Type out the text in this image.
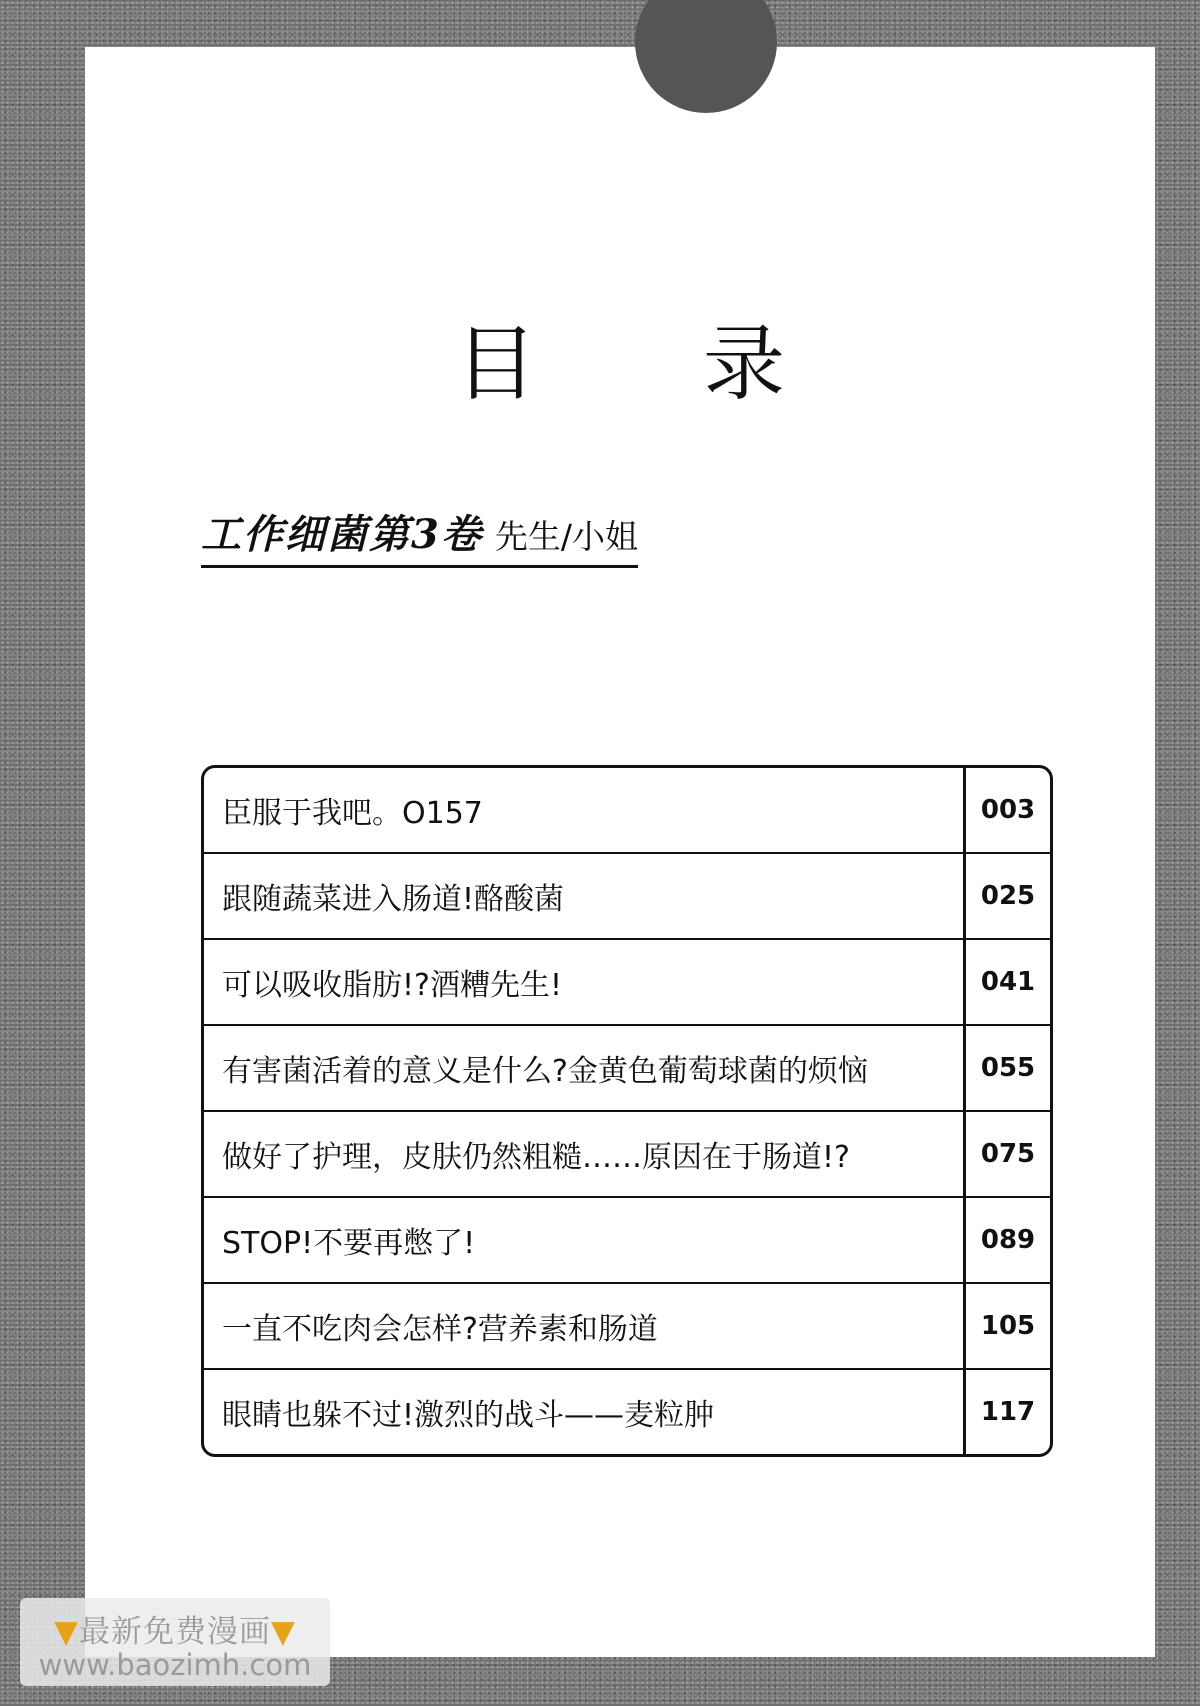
目 录
工作细菌第3卷 先生/小姐
臣服于我吧。O157	003
跟随蔬菜进入肠道!酪酸菌	025
可以吸收脂肪!?酒糟先生!	041
有害菌活着的意义是什么?金黄色葡萄球菌的烦恼	055
做好了护理，皮肤仍然粗糙……原因在于肠道!?	075
STOP!不要再憋了!	089
一直不吃肉会怎样?营养素和肠道	105
眼睛也躲不过!激烈的战斗——麦粒肿	117
▼最新免费漫画▼
www.baozimh.com
